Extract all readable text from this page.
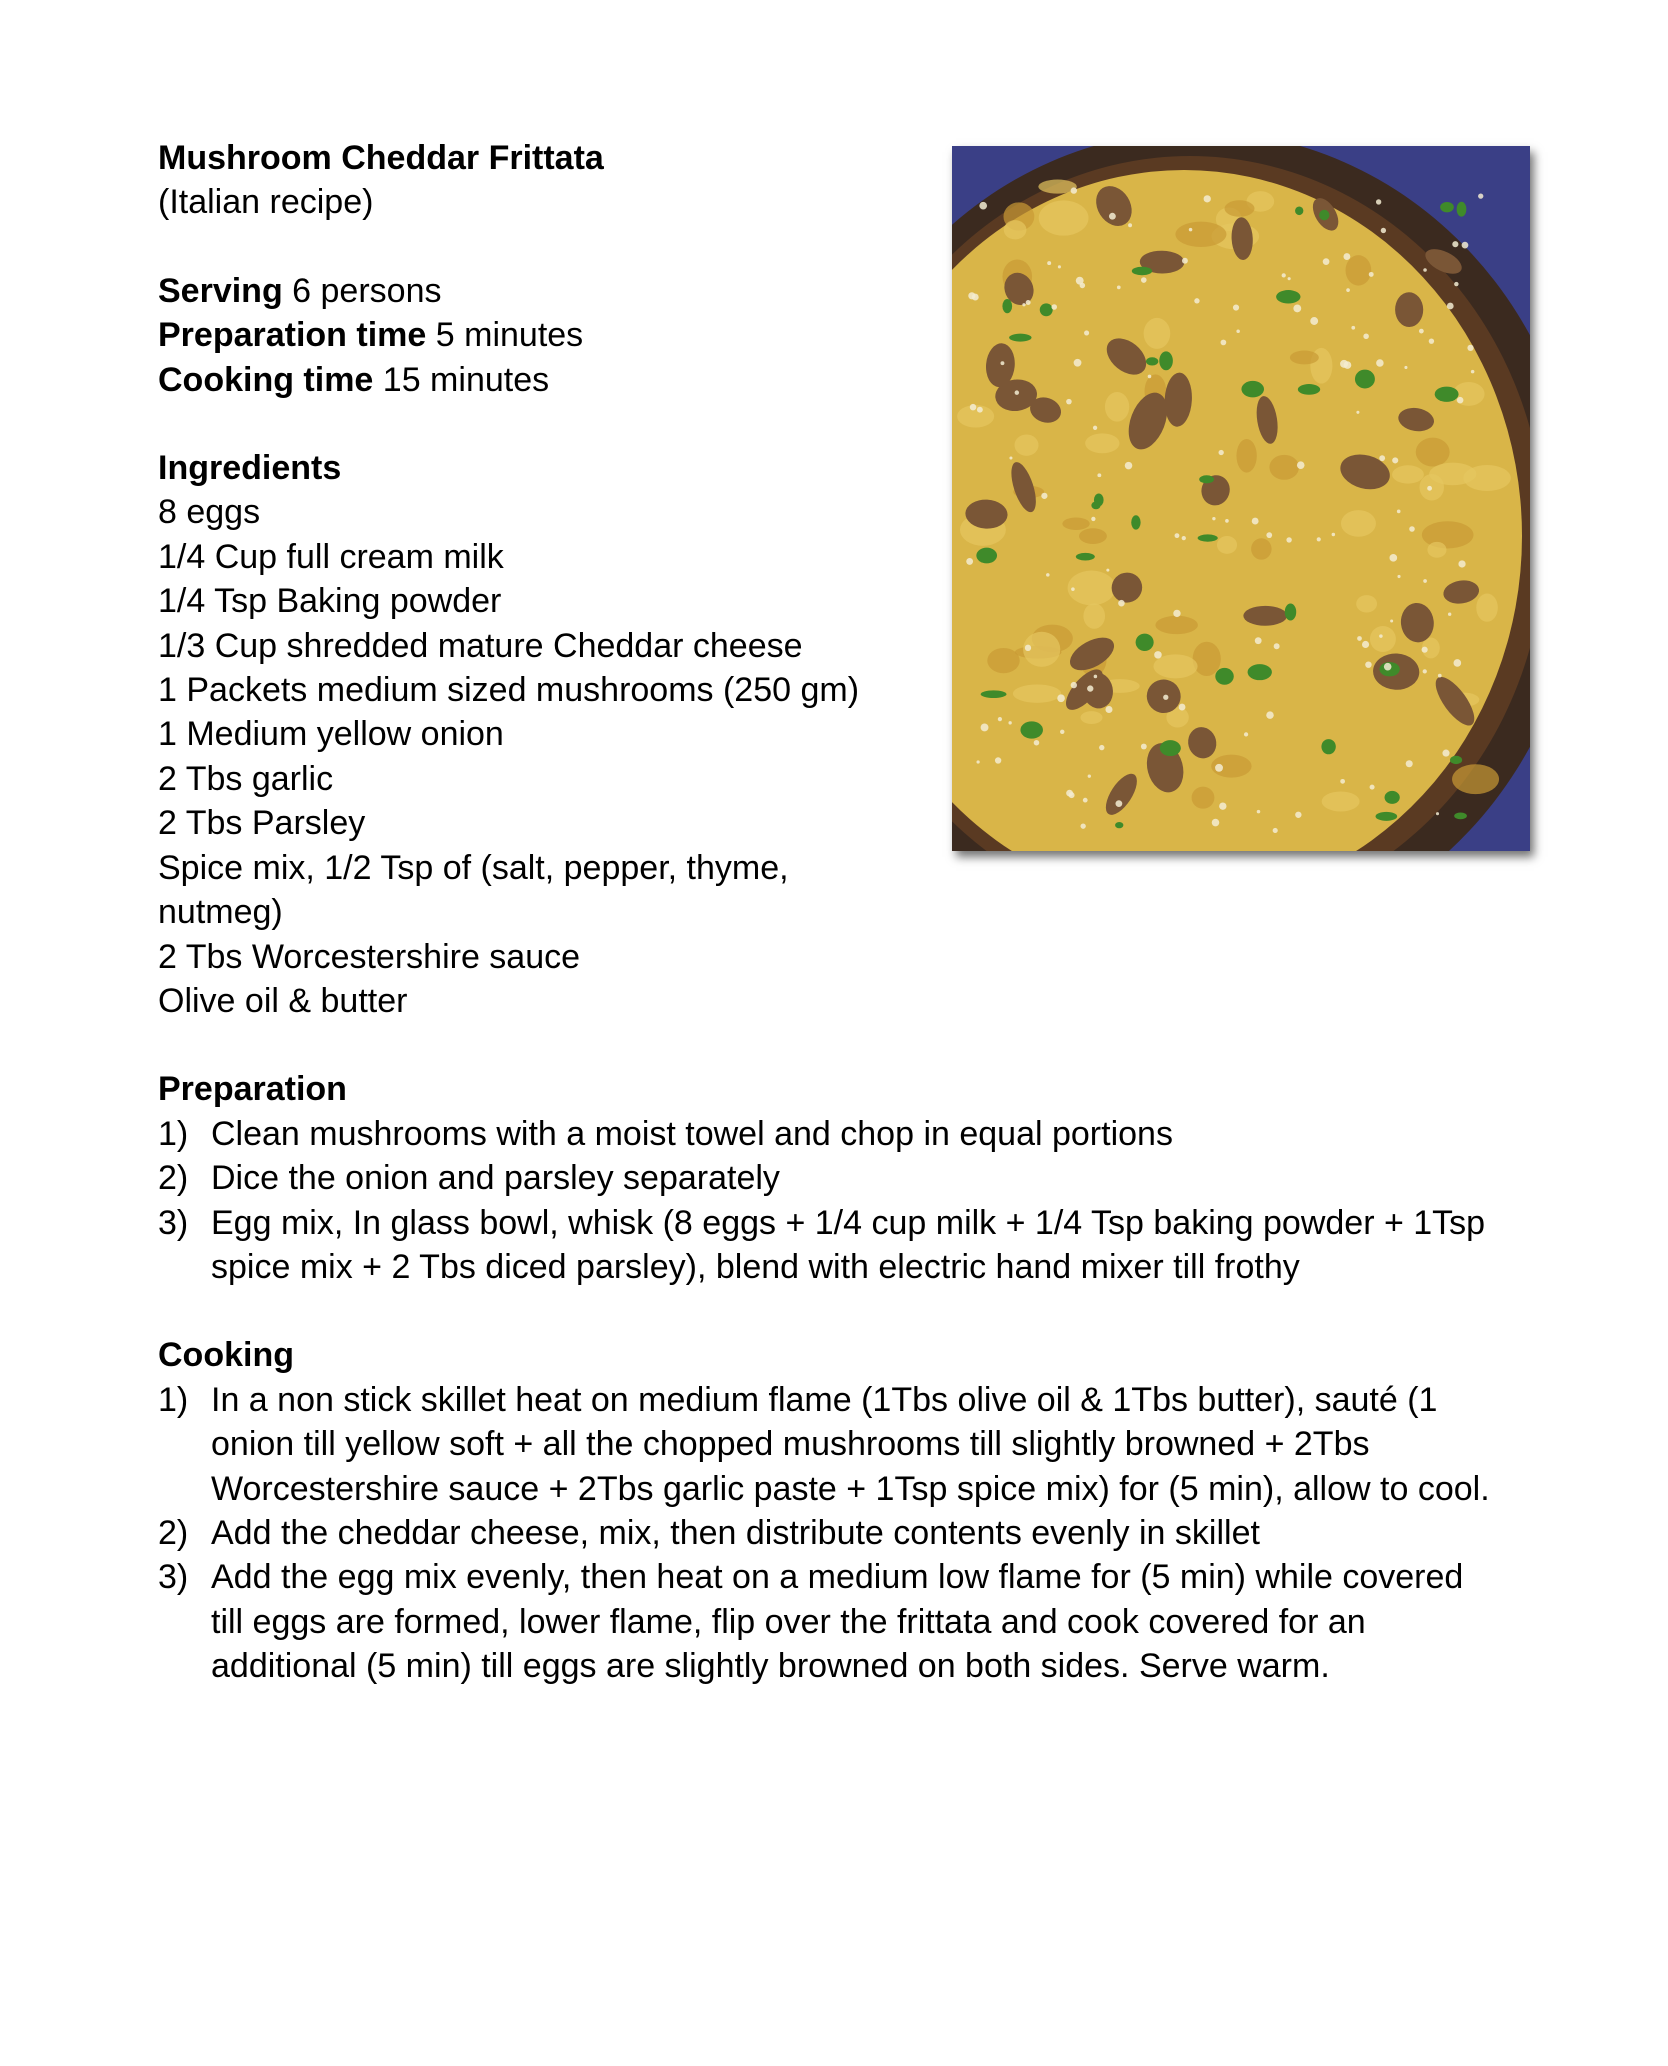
Mushroom Cheddar Frittata
(Italian recipe)
Serving 6 persons
Preparation time 5 minutes
Cooking time 15 minutes
Ingredients
8 eggs
1/4 Cup full cream milk
1/4 Tsp Baking powder
1/3 Cup shredded mature Cheddar cheese
1 Packets medium sized mushrooms (250 gm)
1 Medium yellow onion
2 Tbs garlic
2 Tbs Parsley
Spice mix, 1/2 Tsp of (salt, pepper, thyme, nutmeg)
2 Tbs Worcestershire sauce
Olive oil & butter
Preparation
1) Clean mushrooms with a moist towel and chop in equal portions
2) Dice the onion and parsley separately
3) Egg mix, In glass bowl, whisk (8 eggs + 1/4 cup milk + 1/4 Tsp baking powder + 1Tsp spice mix + 2 Tbs diced parsley), blend with electric hand mixer till frothy
Cooking
1) In a non stick skillet heat on medium flame (1Tbs olive oil & 1Tbs butter), sauté (1 onion till yellow soft + all the chopped mushrooms till slightly browned + 2Tbs Worcestershire sauce + 2Tbs garlic paste + 1Tsp spice mix) for (5 min), allow to cool.
2) Add the cheddar cheese, mix, then distribute contents evenly in skillet
3) Add the egg mix evenly, then heat on a medium low flame for (5 min) while covered till eggs are formed, lower flame, flip over the frittata and cook covered for an additional (5 min) till eggs are slightly browned on both sides. Serve warm.
